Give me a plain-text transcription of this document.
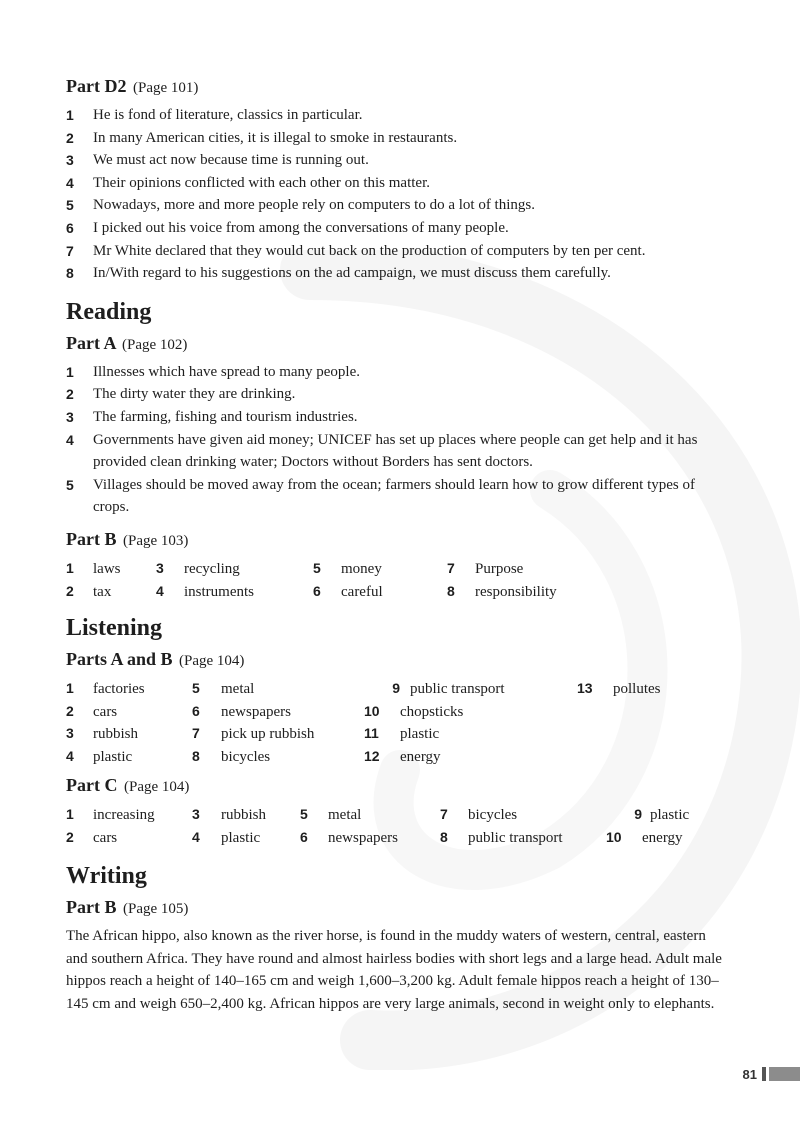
Part D2 (Page 101)
1 He is fond of literature, classics in particular.
2 In many American cities, it is illegal to smoke in restaurants.
3 We must act now because time is running out.
4 Their opinions conflicted with each other on this matter.
5 Nowadays, more and more people rely on computers to do a lot of things.
6 I picked out his voice from among the conversations of many people.
7 Mr White declared that they would cut back on the production of computers by ten per cent.
8 In/With regard to his suggestions on the ad campaign, we must discuss them carefully.
Reading
Part A (Page 102)
1 Illnesses which have spread to many people.
2 The dirty water they are drinking.
3 The farming, fishing and tourism industries.
4 Governments have given aid money; UNICEF has set up places where people can get help and it has provided clean drinking water; Doctors without Borders has sent doctors.
5 Villages should be moved away from the ocean; farmers should learn how to grow different types of crops.
Part B (Page 103)
1 laws
2 tax
3 recycling
4 instruments
5 money
6 careful
7 Purpose
8 responsibility
Listening
Parts A and B (Page 104)
1 factories
2 cars
3 rubbish
4 plastic
5 metal
6 newspapers
7 pick up rubbish
8 bicycles
9 public transport
10 chopsticks
11 plastic
12 energy
13 pollutes
Part C (Page 104)
1 increasing
2 cars
3 rubbish
4 plastic
5 metal
6 newspapers
7 bicycles
8 public transport
9 plastic
10 energy
Writing
Part B (Page 105)

The African hippo, also known as the river horse, is found in the muddy waters of western, central, eastern and southern Africa. They have round and almost hairless bodies with short legs and a large head. Adult male hippos reach a height of 140–165 cm and weigh 1,600–3,200 kg. Adult female hippos reach a height of 130–145 cm and weigh 650–2,400 kg. African hippos are very large animals, second in weight only to elephants.

81
